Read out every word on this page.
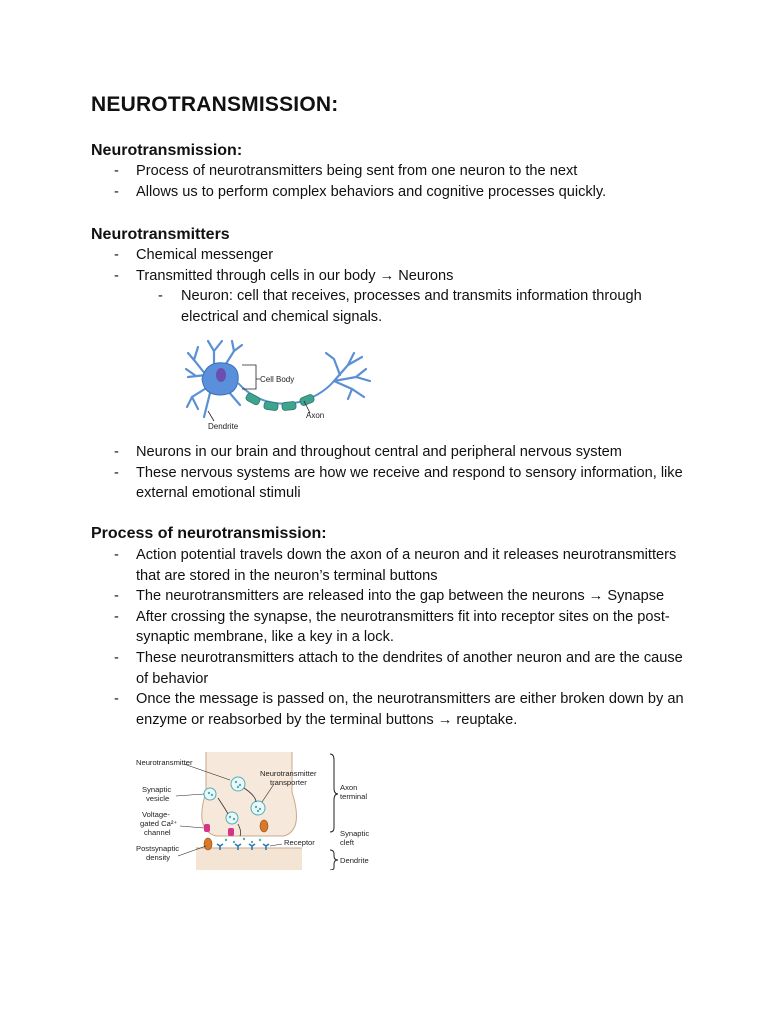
NEUROTRANSMISSION:
Neurotransmission:
- Process of neurotransmitters being sent from one neuron to the next
- Allows us to perform complex behaviors and cognitive processes quickly.
Neurotransmitters
- Chemical messenger
- Transmitted through cells in our body → Neurons
- Neuron: cell that receives, processes and transmits information through electrical and chemical signals.
Cell Body
Axon
Dendrite
- Neurons in our brain and throughout central and peripheral nervous system
- These nervous systems are how we receive and respond to sensory information, like external emotional stimuli
Process of neurotransmission:
- Action potential travels down the axon of a neuron and it releases neurotransmitters that are stored in the neuron’s terminal buttons
- The neurotransmitters are released into the gap between the neurons → Synapse
- After crossing the synapse, the neurotransmitters fit into receptor sites on the post-synaptic membrane, like a key in a lock.
- These neurotransmitters attach to the dendrites of another neuron and are the cause of behavior
- Once the message is passed on, the neurotransmitters are either broken down by an enzyme or reabsorbed by the terminal buttons → reuptake.
Neurotransmitter
Neurotransmitter
transporter
Synaptic
vesicle
Voltage-
gated Ca²⁺
channel
Postsynaptic
density
Receptor
Axon
terminal
Synaptic
cleft
Dendrite
